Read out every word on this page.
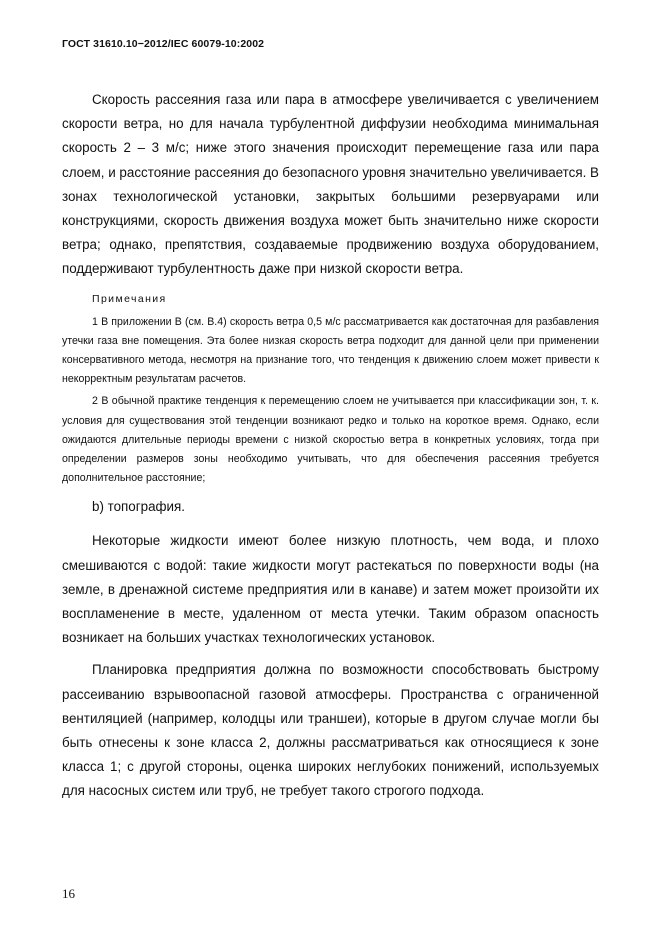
ГОСТ 31610.10−2012/IEC 60079-10:2002

Скорость рассеяния газа или пара в атмосфере увеличивается с увеличением скорости ветра, но для начала турбулентной диффузии необходима минимальная скорость 2 – 3 м/с; ниже этого значения происходит перемещение газа или пара слоем, и расстояние рассеяния до безопасного уровня значительно увеличивается. В зонах технологической установки, закрытых большими резервуарами или конструкциями, скорость движения воздуха может быть значительно ниже скорости ветра; однако, препятствия, создаваемые продвижению воздуха оборудованием, поддерживают турбулентность даже при низкой скорости ветра.

Примечания

1 В приложении В (см. В.4) скорость ветра 0,5 м/с рассматривается как достаточная для разбавления утечки газа вне помещения. Эта более низкая скорость ветра подходит для данной цели при применении консервативного метода, несмотря на признание того, что тенденция к движению слоем может привести к некорректным результатам расчетов.

2 В обычной практике тенденция к перемещению слоем не учитывается при классификации зон, т. к. условия для существования этой тенденции возникают редко и только на короткое время. Однако, если ожидаются длительные периоды времени с низкой скоростью ветра в конкретных условиях, тогда при определении размеров зоны необходимо учитывать, что для обеспечения рассеяния требуется дополнительное расстояние;

b) топография.

Некоторые жидкости имеют более низкую плотность, чем вода, и плохо смешиваются с водой: такие жидкости могут растекаться по поверхности воды (на земле, в дренажной системе предприятия или в канаве) и затем может произойти их воспламенение в месте, удаленном от места утечки. Таким образом опасность возникает на больших участках технологических установок.

Планировка предприятия должна по возможности способствовать быстрому рассеиванию взрывоопасной газовой атмосферы. Пространства с ограниченной вентиляцией (например, колодцы или траншеи), которые в другом случае могли бы быть отнесены к зоне класса 2, должны рассматриваться как относящиеся к зоне класса 1; с другой стороны, оценка широких неглубоких понижений, используемых для насосных систем или труб, не требует такого строгого подхода.

16
